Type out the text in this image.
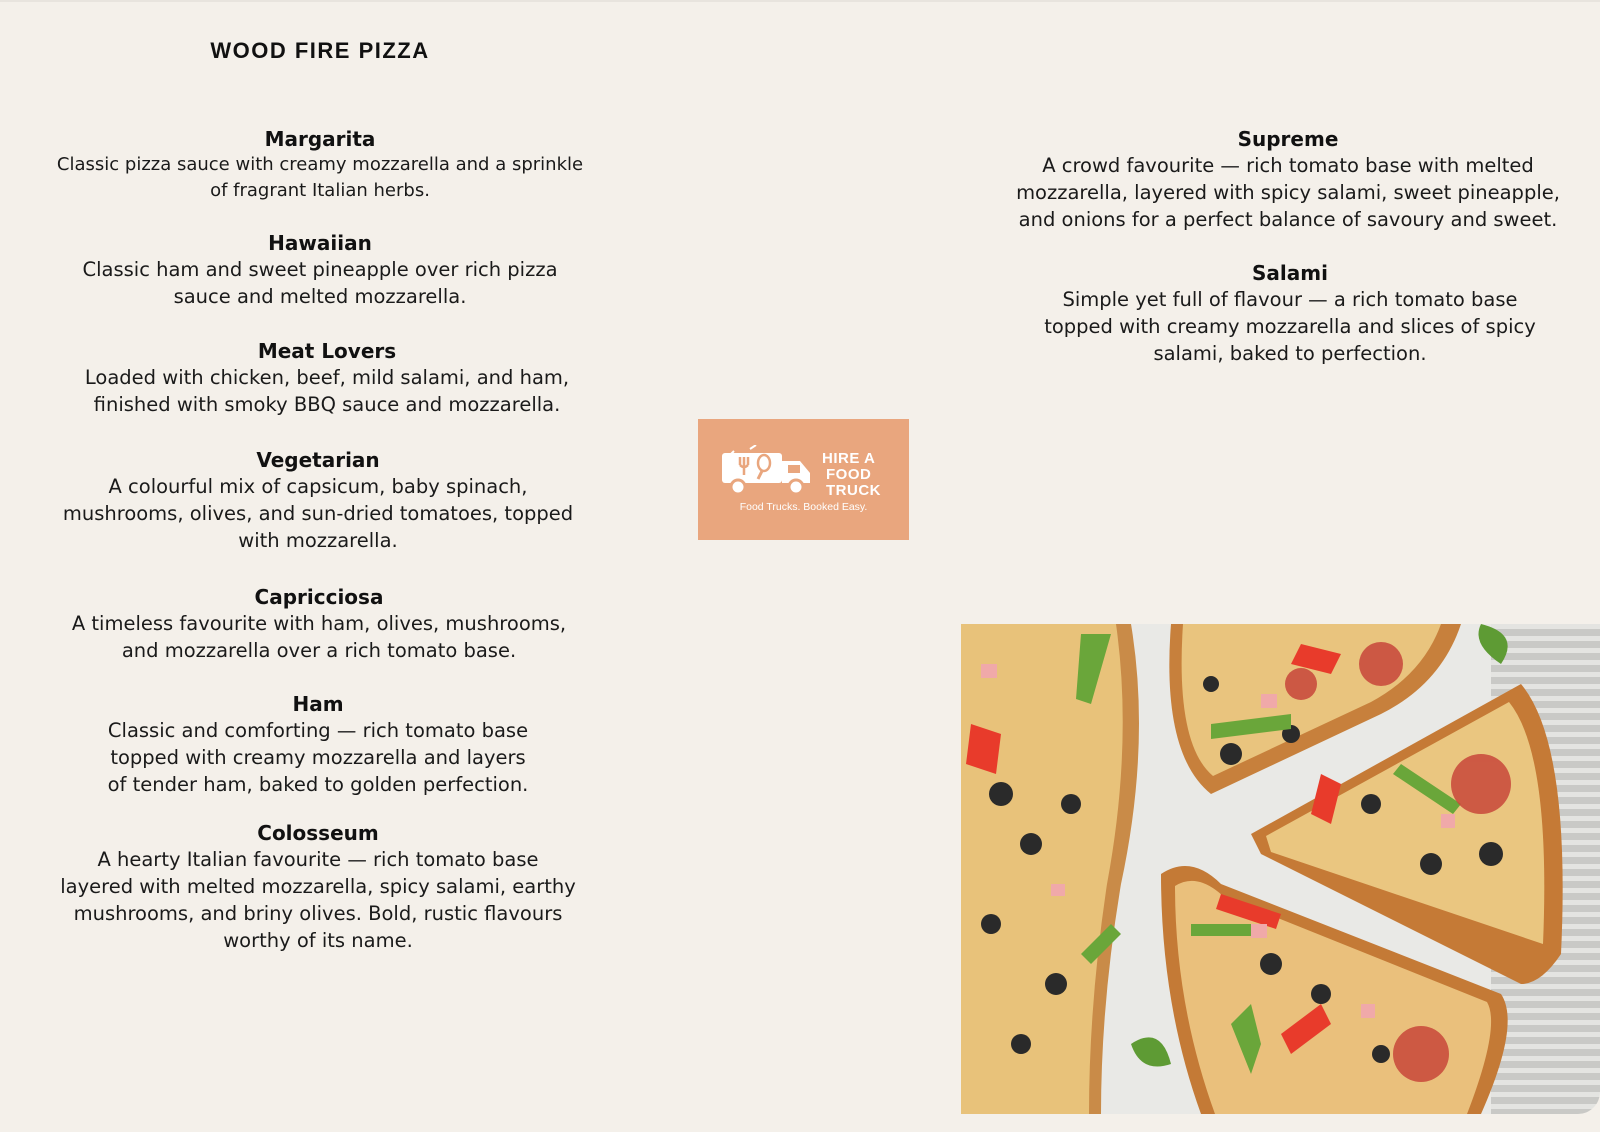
WOOD FIRE PIZZA
Margarita
Classic pizza sauce with creamy mozzarella and a sprinkle of fragrant Italian herbs.
Hawaiian
Classic ham and sweet pineapple over rich pizza sauce and melted mozzarella.
Meat Lovers
Loaded with chicken, beef, mild salami, and ham, finished with smoky BBQ sauce and mozzarella.
Vegetarian
A colourful mix of capsicum, baby spinach, mushrooms, olives, and sun-dried tomatoes, topped with mozzarella.
Capricciosa
A timeless favourite with ham, olives, mushrooms, and mozzarella over a rich tomato base.
Ham
Classic and comforting — rich tomato base topped with creamy mozzarella and layers of tender ham, baked to golden perfection.
Colosseum
A hearty Italian favourite — rich tomato base layered with melted mozzarella, spicy salami, earthy mushrooms, and briny olives. Bold, rustic flavours worthy of its name.
Supreme
A crowd favourite — rich tomato base with melted mozzarella, layered with spicy salami, sweet pineapple, and onions for a perfect balance of savoury and sweet.
Salami
Simple yet full of flavour — a rich tomato base topped with creamy mozzarella and slices of spicy salami, baked to perfection.
HIRE A
FOOD
TRUCK
Food Trucks. Booked Easy.
